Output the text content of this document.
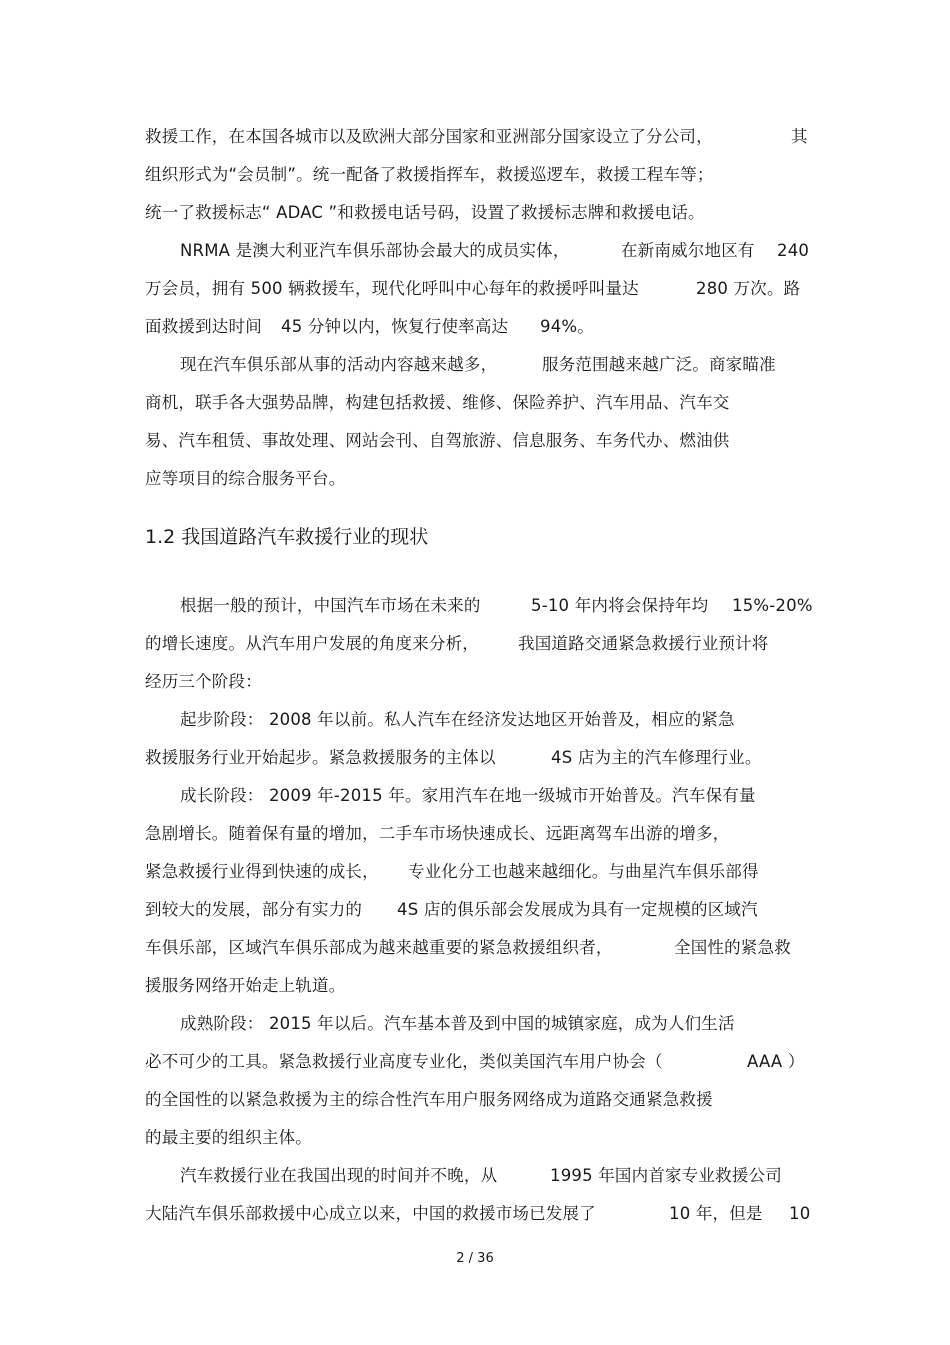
救援工作，在本国各城市以及欧洲大部分国家和亚洲部分国家设立了分公司，	其
组织形式为“会员制”。统一配备了救援指挥车，救援巡逻车，救援工程车等；
统一了救援标志“ ADAC ”和救援电话号码，设置了救援标志牌和救援电话。
NRMA 是澳大利亚汽车俱乐部协会最大的成员实体，	在新南威尔地区有 240
万会员，拥有 500 辆救援车，现代化呼叫中心每年的救援呼叫量达	280 万次。路
面救援到达时间 45 分钟以内，恢复行使率高达 94%。
现在汽车俱乐部从事的活动内容越来越多，	服务范围越来越广泛。商家瞄准
商机，联手各大强势品牌，构建包括救援、维修、保险养护、汽车用品、汽车交
易、汽车租赁、事故处理、网站会刊、自驾旅游、信息服务、车务代办、燃油供
应等项目的综合服务平台。
1.2 我国道路汽车救援行业的现状
根据一般的预计，中国汽车市场在未来的	5-10 年内将会保持年均 15%-20%
的增长速度。从汽车用户发展的角度来分析， 我国道路交通紧急救援行业预计将
经历三个阶段：
起步阶段： 2008 年以前。私人汽车在经济发达地区开始普及，相应的紧急
救援服务行业开始起步。紧急救援服务的主体以	4S 店为主的汽车修理行业。
成长阶段： 2009 年-2015 年。家用汽车在地一级城市开始普及。汽车保有量
急剧增长。随着保有量的增加，二手车市场快速成长、远距离驾车出游的增多，
紧急救援行业得到快速的成长， 专业化分工也越来越细化。与曲星汽车俱乐部得
到较大的发展，部分有实力的 4S 店的俱乐部会发展成为具有一定规模的区域汽
车俱乐部，区域汽车俱乐部成为越来越重要的紧急救援组织者，	全国性的紧急救
援服务网络开始走上轨道。
成熟阶段： 2015 年以后。汽车基本普及到中国的城镇家庭，成为人们生活
必不可少的工具。紧急救援行业高度专业化，类似美国汽车用户协会（	AAA ）
的全国性的以紧急救援为主的综合性汽车用户服务网络成为道路交通紧急救援
的最主要的组织主体。
汽车救援行业在我国出现的时间并不晚，从	1995 年国内首家专业救援公司
大陆汽车俱乐部救援中心成立以来，中国的救援市场已发展了	10 年，但是 10
2 / 36
